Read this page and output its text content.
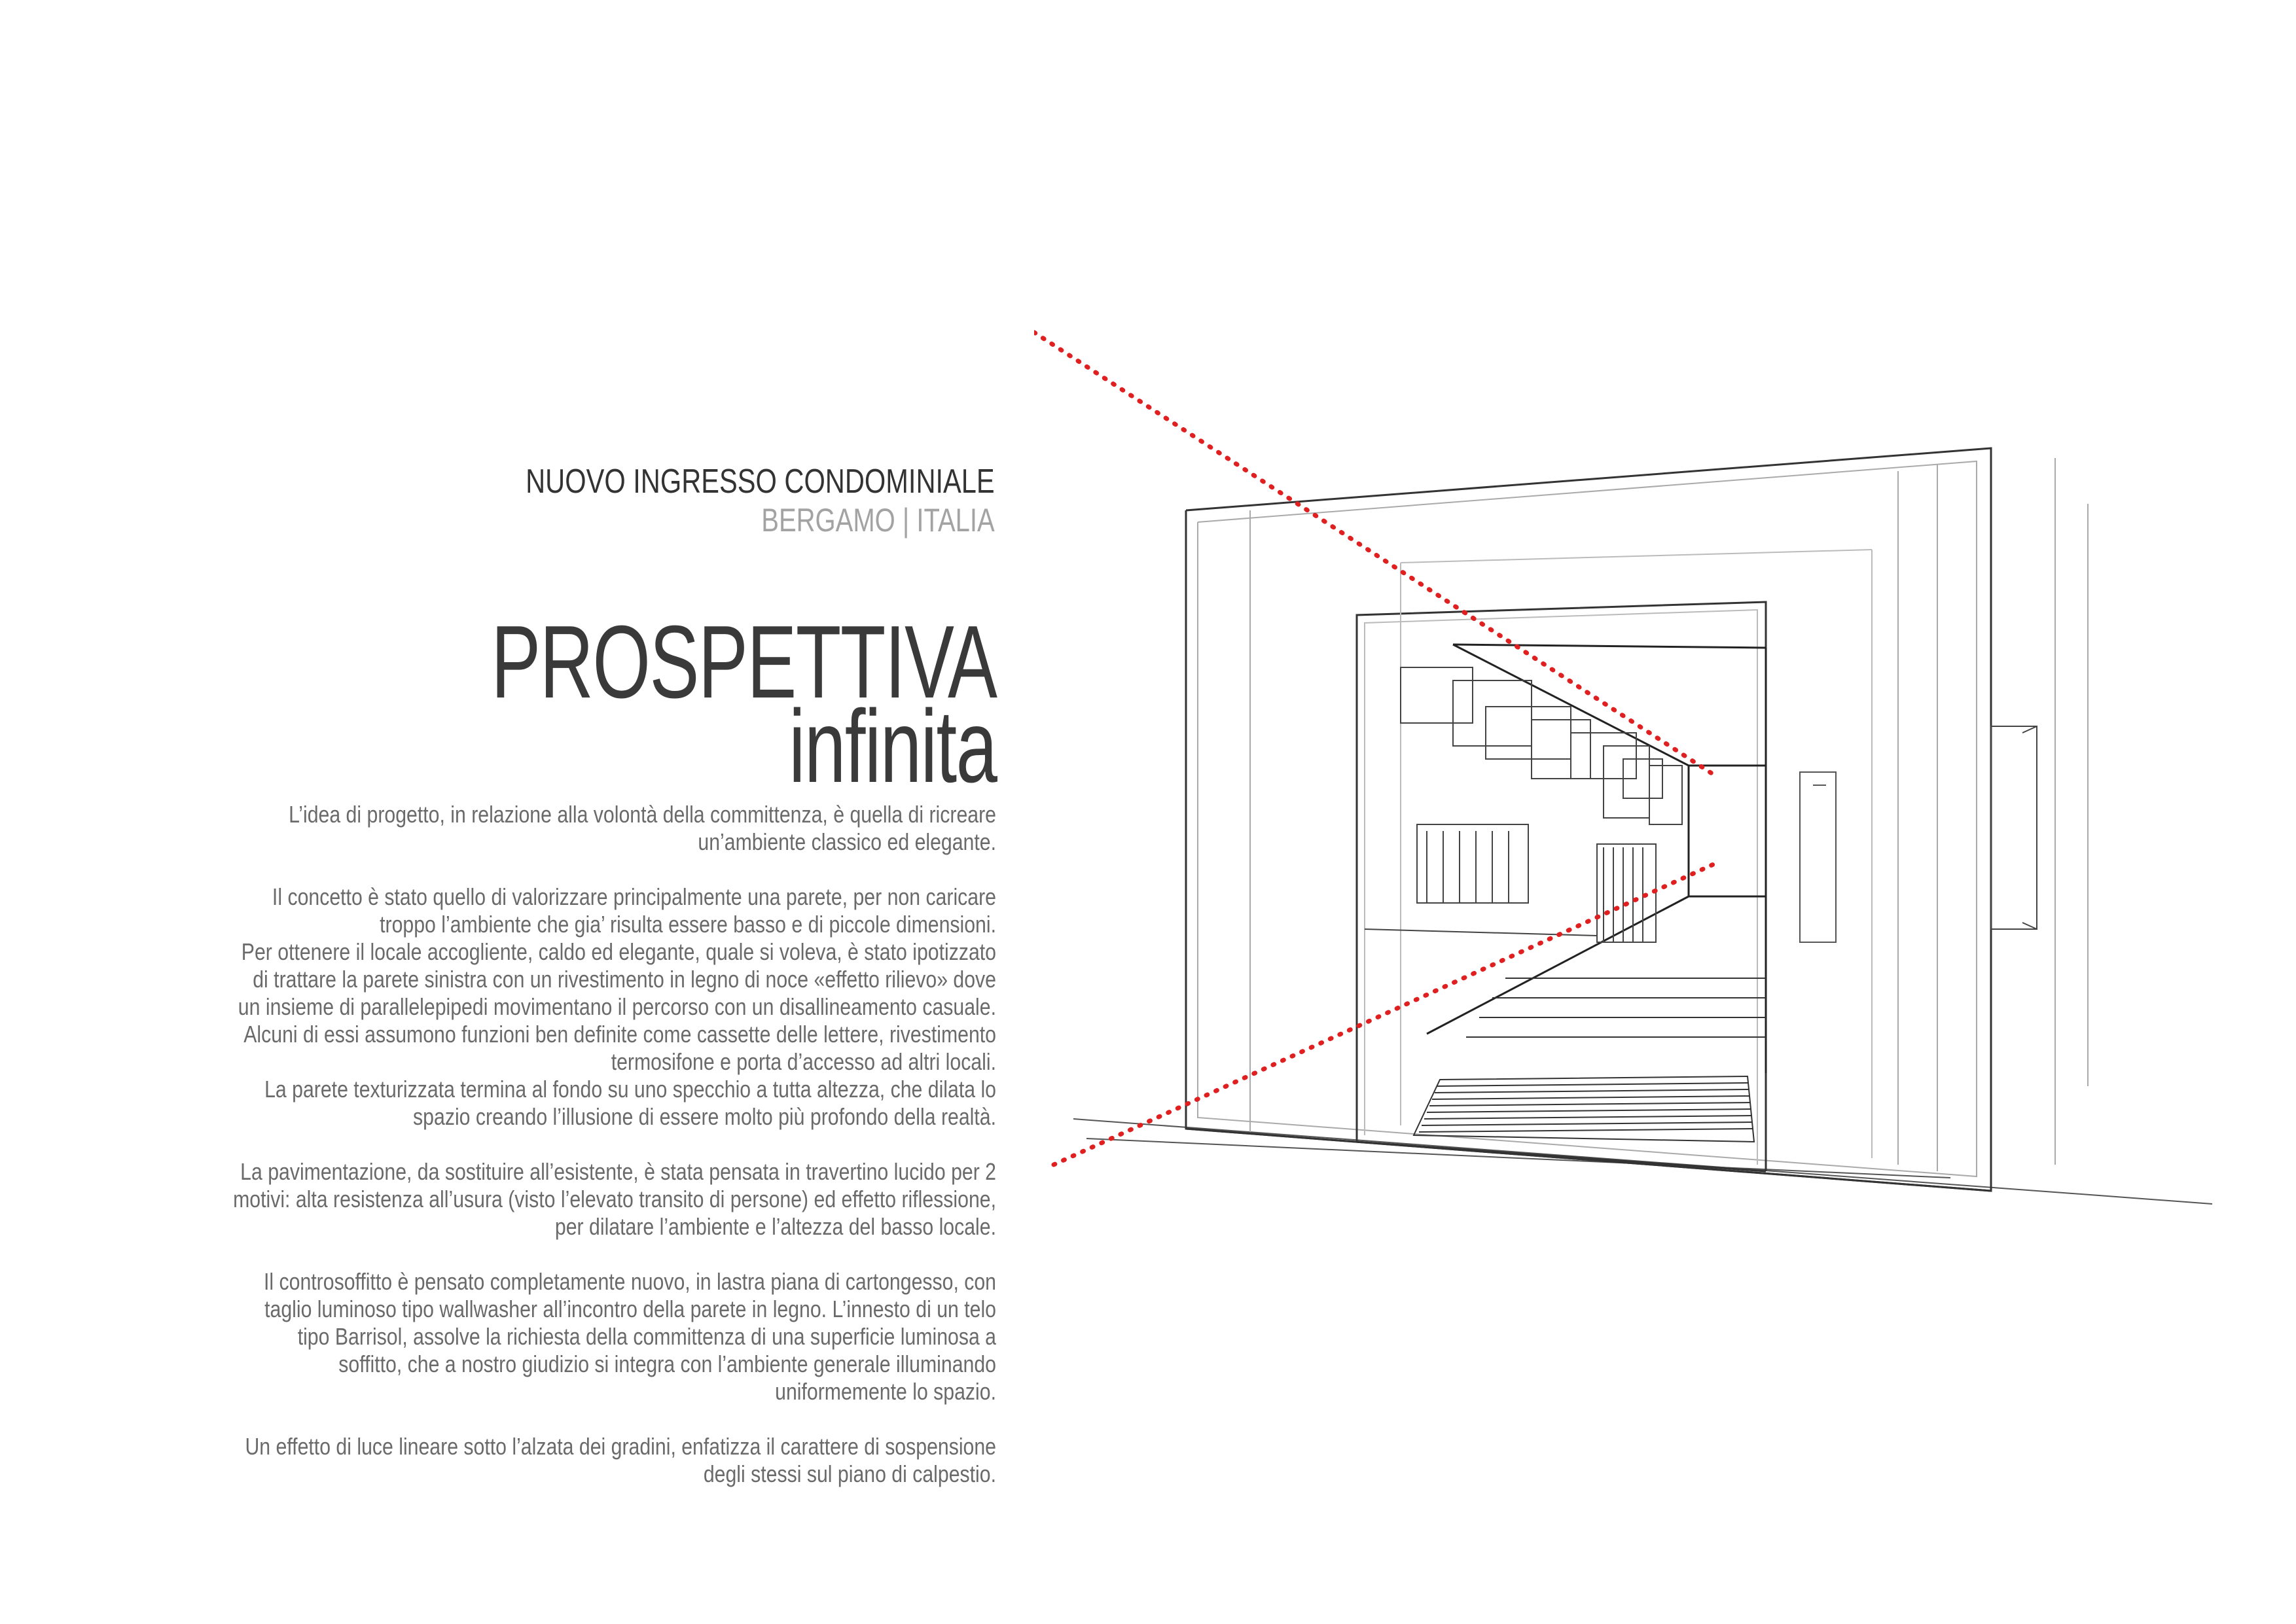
NUOVO INGRESSO CONDOMINIALE
BERGAMO | ITALIA
PROSPETTIVA
infinita
L’idea di progetto, in relazione alla volontà della committenza, è quella di ricreare
un’ambiente classico ed elegante.
Il concetto è stato quello di valorizzare principalmente una parete, per non caricare
troppo l’ambiente che gia’ risulta essere basso e di piccole dimensioni.
Per ottenere il locale accogliente, caldo ed elegante, quale si voleva, è stato ipotizzato
di trattare la parete sinistra con un rivestimento in legno di noce «effetto rilievo» dove
un insieme di parallelepipedi movimentano il percorso con un disallineamento casuale.
Alcuni di essi assumono funzioni ben definite come cassette delle lettere, rivestimento
termosifone e porta d’accesso ad altri locali.
La parete texturizzata termina al fondo su uno specchio a tutta altezza, che dilata lo
spazio creando l’illusione di essere molto più profondo della realtà.
La pavimentazione, da sostituire all’esistente, è stata pensata in travertino lucido per 2
motivi: alta resistenza all’usura (visto l’elevato transito di persone) ed effetto riflessione,
per dilatare l’ambiente e l’altezza del basso locale.
Il controsoffitto è pensato completamente nuovo, in lastra piana di cartongesso, con
taglio luminoso tipo wallwasher all’incontro della parete in legno. L’innesto di un telo
tipo Barrisol, assolve la richiesta della committenza di una superficie luminosa a
soffitto, che a nostro giudizio si integra con l’ambiente generale illuminando
uniformemente lo spazio.
Un effetto di luce lineare sotto l’alzata dei gradini, enfatizza il carattere di sospensione
degli stessi sul piano di calpestio.
